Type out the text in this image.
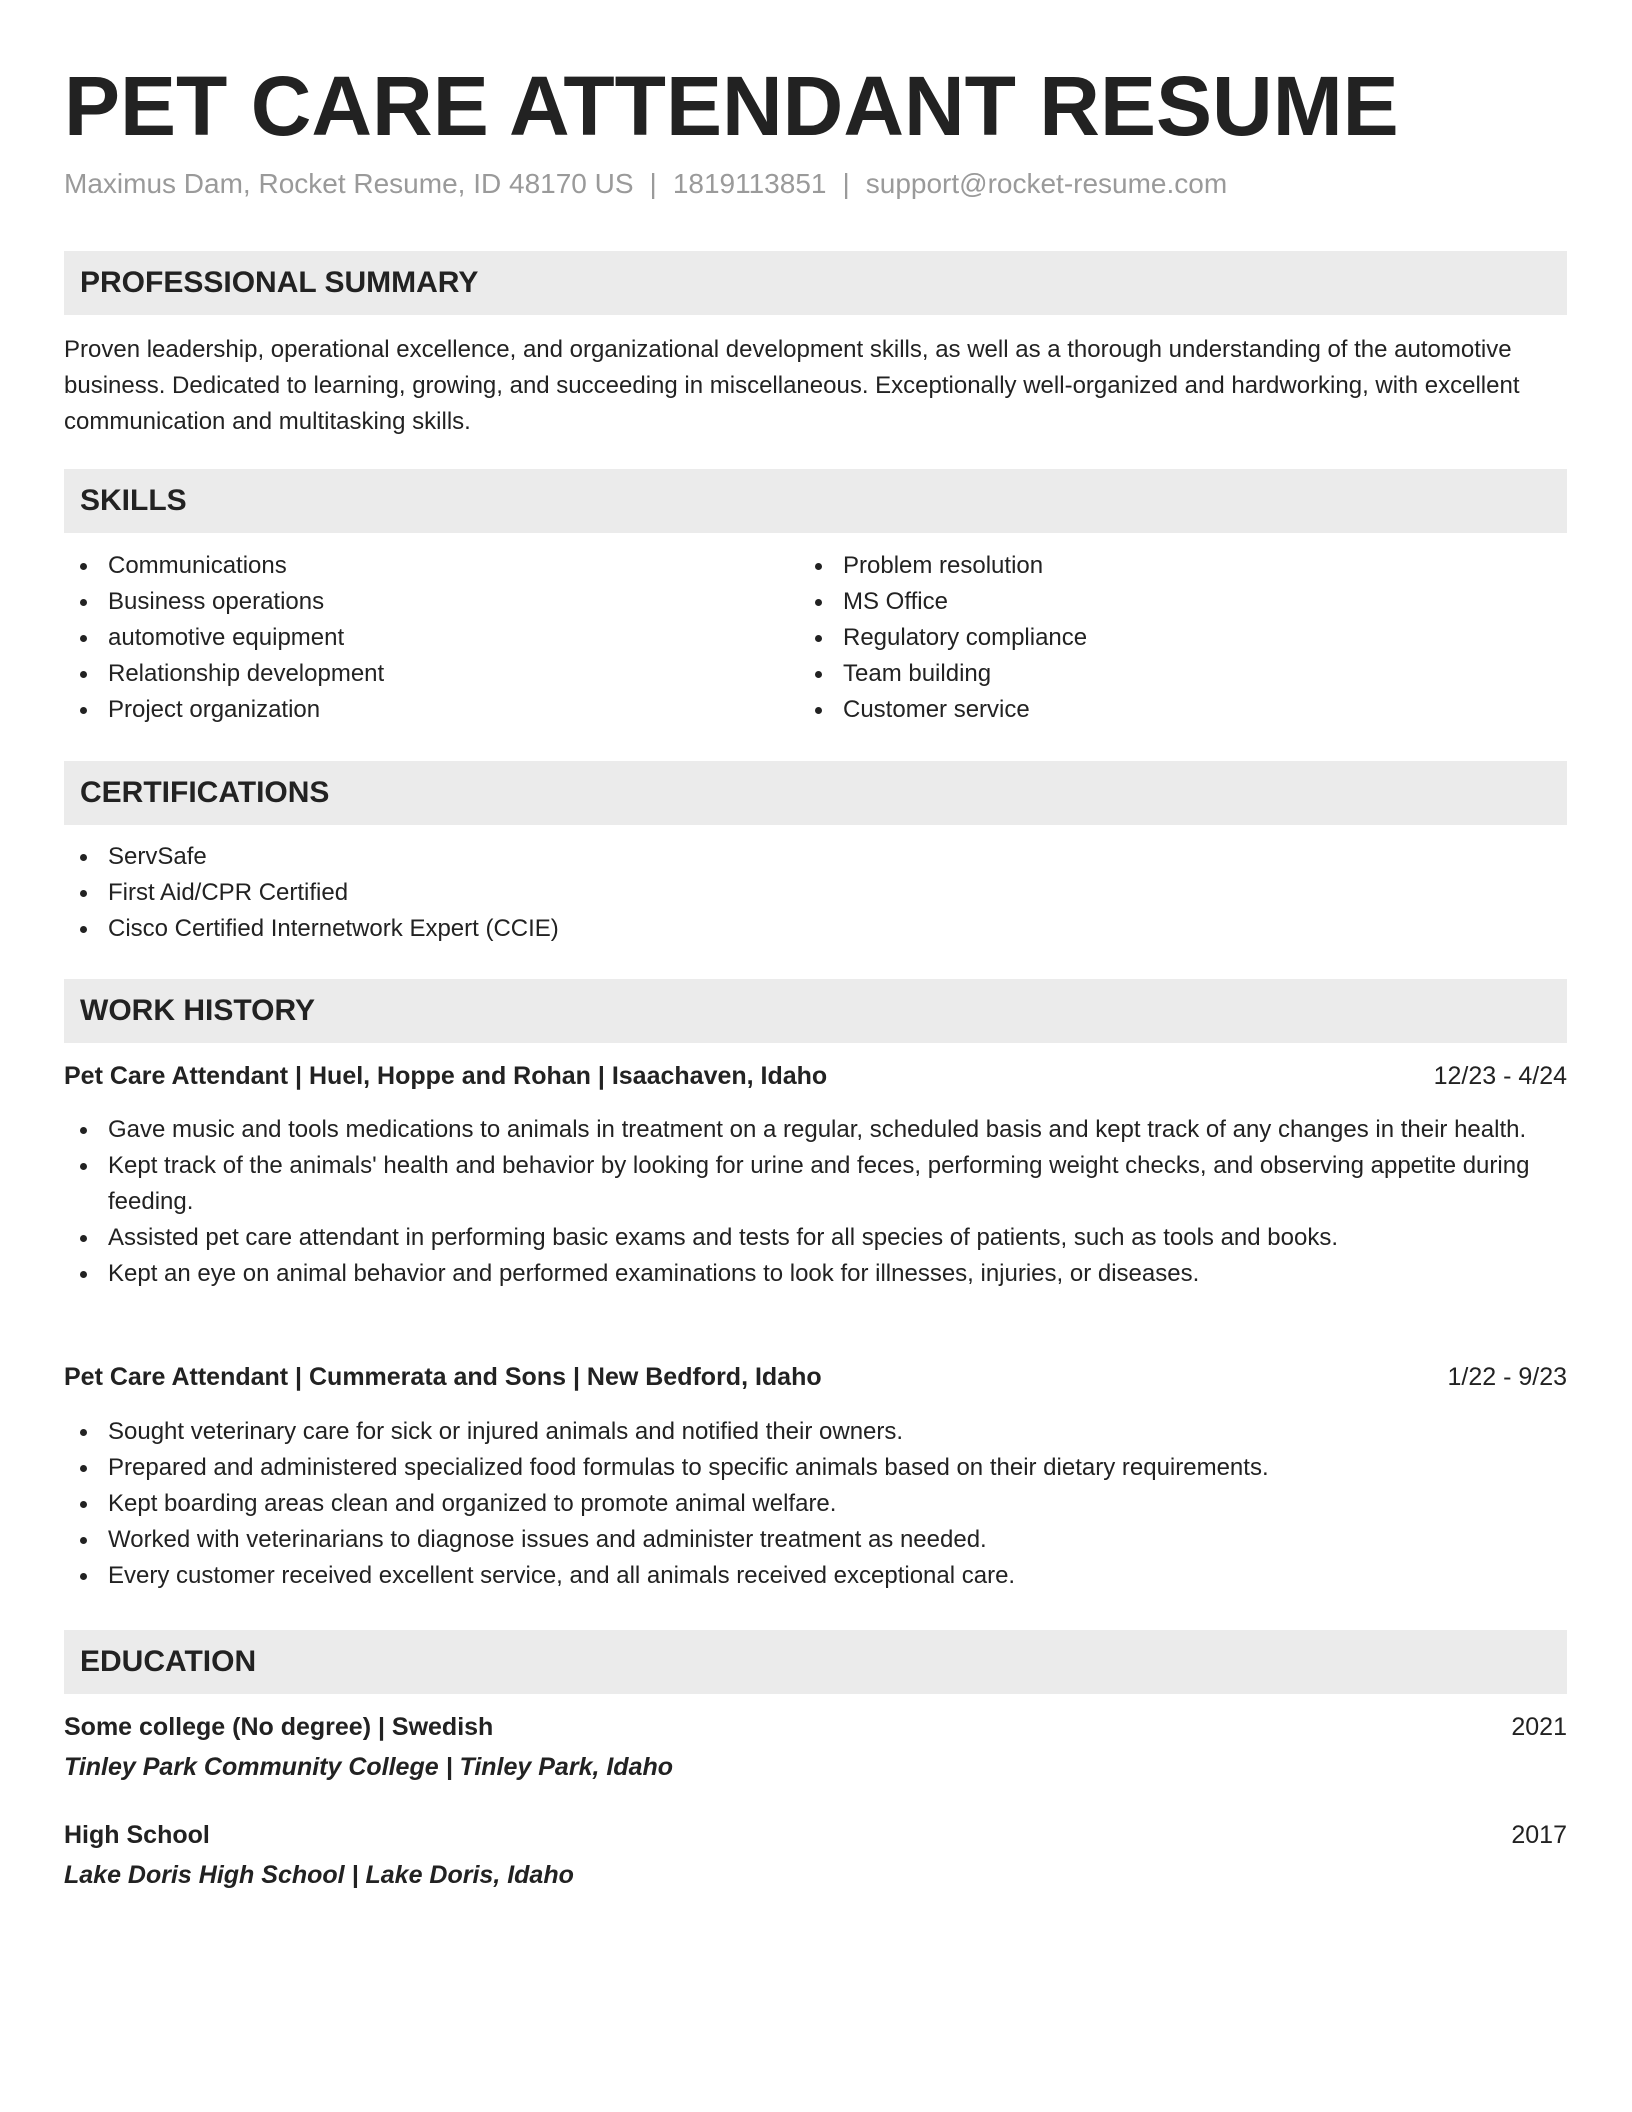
PET CARE ATTENDANT RESUME
Maximus Dam, Rocket Resume, ID 48170 US | 1819113851 | support@rocket-resume.com
PROFESSIONAL SUMMARY

Proven leadership, operational excellence, and organizational development skills, as well as a thorough understanding of the automotive business. Dedicated to learning, growing, and succeeding in miscellaneous. Exceptionally well-organized and hardworking, with excellent communication and multitasking skills.

SKILLS
Communications
Business operations
automotive equipment
Relationship development
Project organization
Problem resolution
MS Office
Regulatory compliance
Team building
Customer service
CERTIFICATIONS
ServSafe
First Aid/CPR Certified
Cisco Certified Internetwork Expert (CCIE)
WORK HISTORY
Pet Care Attendant | Huel, Hoppe and Rohan | Isaachaven, Idaho	12/23 - 4/24
Gave music and tools medications to animals in treatment on a regular, scheduled basis and kept track of any changes in their health.
Kept track of the animals' health and behavior by looking for urine and feces, performing weight checks, and observing appetite during feeding.
Assisted pet care attendant in performing basic exams and tests for all species of patients, such as tools and books.
Kept an eye on animal behavior and performed examinations to look for illnesses, injuries, or diseases.
Pet Care Attendant | Cummerata and Sons | New Bedford, Idaho	1/22 - 9/23
Sought veterinary care for sick or injured animals and notified their owners.
Prepared and administered specialized food formulas to specific animals based on their dietary requirements.
Kept boarding areas clean and organized to promote animal welfare.
Worked with veterinarians to diagnose issues and administer treatment as needed.
Every customer received excellent service, and all animals received exceptional care.
EDUCATION
Some college (No degree) | Swedish	2021
Tinley Park Community College | Tinley Park, Idaho
High School	2017
Lake Doris High School | Lake Doris, Idaho
